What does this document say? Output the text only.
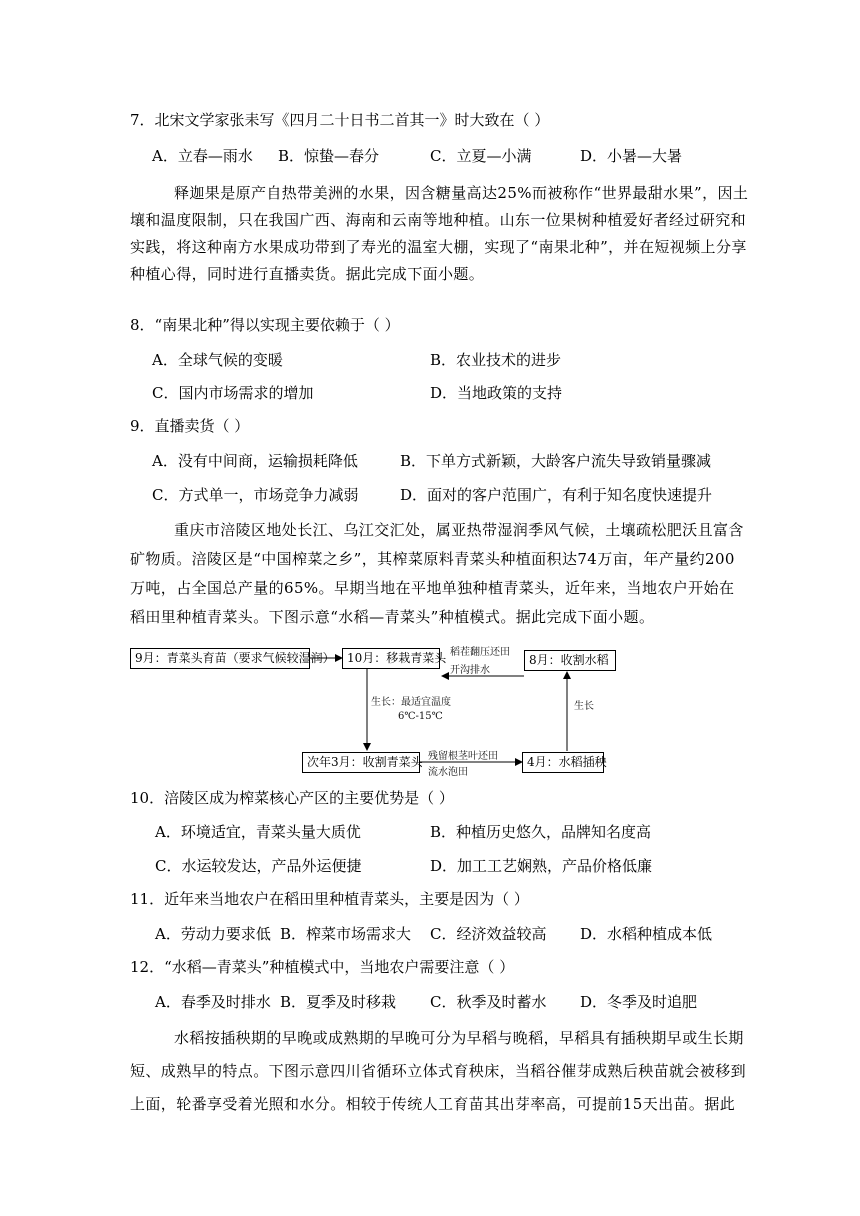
7．北宋文学家张耒写《四月二十日书二首其一》时大致在（ ）
A．立春—雨水 B．惊蛰—春分	C．立夏—小满	D．小暑—大暑
释迦果是原产自热带美洲的水果，因含糖量高达25%而被称作“世界最甜水果”，因土
壤和温度限制，只在我国广西、海南和云南等地种植。山东一位果树种植爱好者经过研究和
实践，将这种南方水果成功带到了寿光的温室大棚，实现了“南果北种”，并在短视频上分享
种植心得，同时进行直播卖货。据此完成下面小题。
8．“南果北种”得以实现主要依赖于（ ）
A．全球气候的变暖	B．农业技术的进步
C．国内市场需求的增加	D．当地政策的支持
9．直播卖货（ ）
A．没有中间商，运输损耗降低	B．下单方式新颖，大龄客户流失导致销量骤减
C．方式单一，市场竞争力减弱	D．面对的客户范围广，有利于知名度快速提升
重庆市涪陵区地处长江、乌江交汇处，属亚热带湿润季风气候，土壤疏松肥沃且富含
矿物质。涪陵区是“中国榨菜之乡”，其榨菜原料青菜头种植面积达74万亩，年产量约200
万吨，占全国总产量的65%。早期当地在平地单独种植青菜头，近年来，当地农户开始在
稻田里种植青菜头。下图示意“水稻—青菜头”种植模式。据此完成下面小题。
9月：青菜头育苗（要求气候较湿润）	10月：移栽青菜头	8月：收割水稻
次年3月：收割青菜头	4月：水稻插秧
稻茬翻压还田
开沟排水
生长：最适宜温度
6℃-15℃
生长
残留根茎叶还田
流水泡田
10．涪陵区成为榨菜核心产区的主要优势是（ ）
A．环境适宜，青菜头量大质优	B．种植历史悠久，品牌知名度高
C．水运较发达，产品外运便捷	D．加工工艺娴熟，产品价格低廉
11．近年来当地农户在稻田里种植青菜头，主要是因为（ ）
A．劳动力要求低 B．榨菜市场需求大 C．经济效益较高 D．水稻种植成本低
12．“水稻—青菜头”种植模式中，当地农户需要注意（ ）
A．春季及时排水 B．夏季及时移栽 C．秋季及时蓄水 D．冬季及时追肥
水稻按插秧期的早晚或成熟期的早晚可分为早稻与晚稻，早稻具有插秧期早或生长期
短、成熟早的特点。下图示意四川省循环立体式育秧床，当稻谷催芽成熟后秧苗就会被移到
上面，轮番享受着光照和水分。相较于传统人工育苗其出芽率高，可提前15天出苗。据此
